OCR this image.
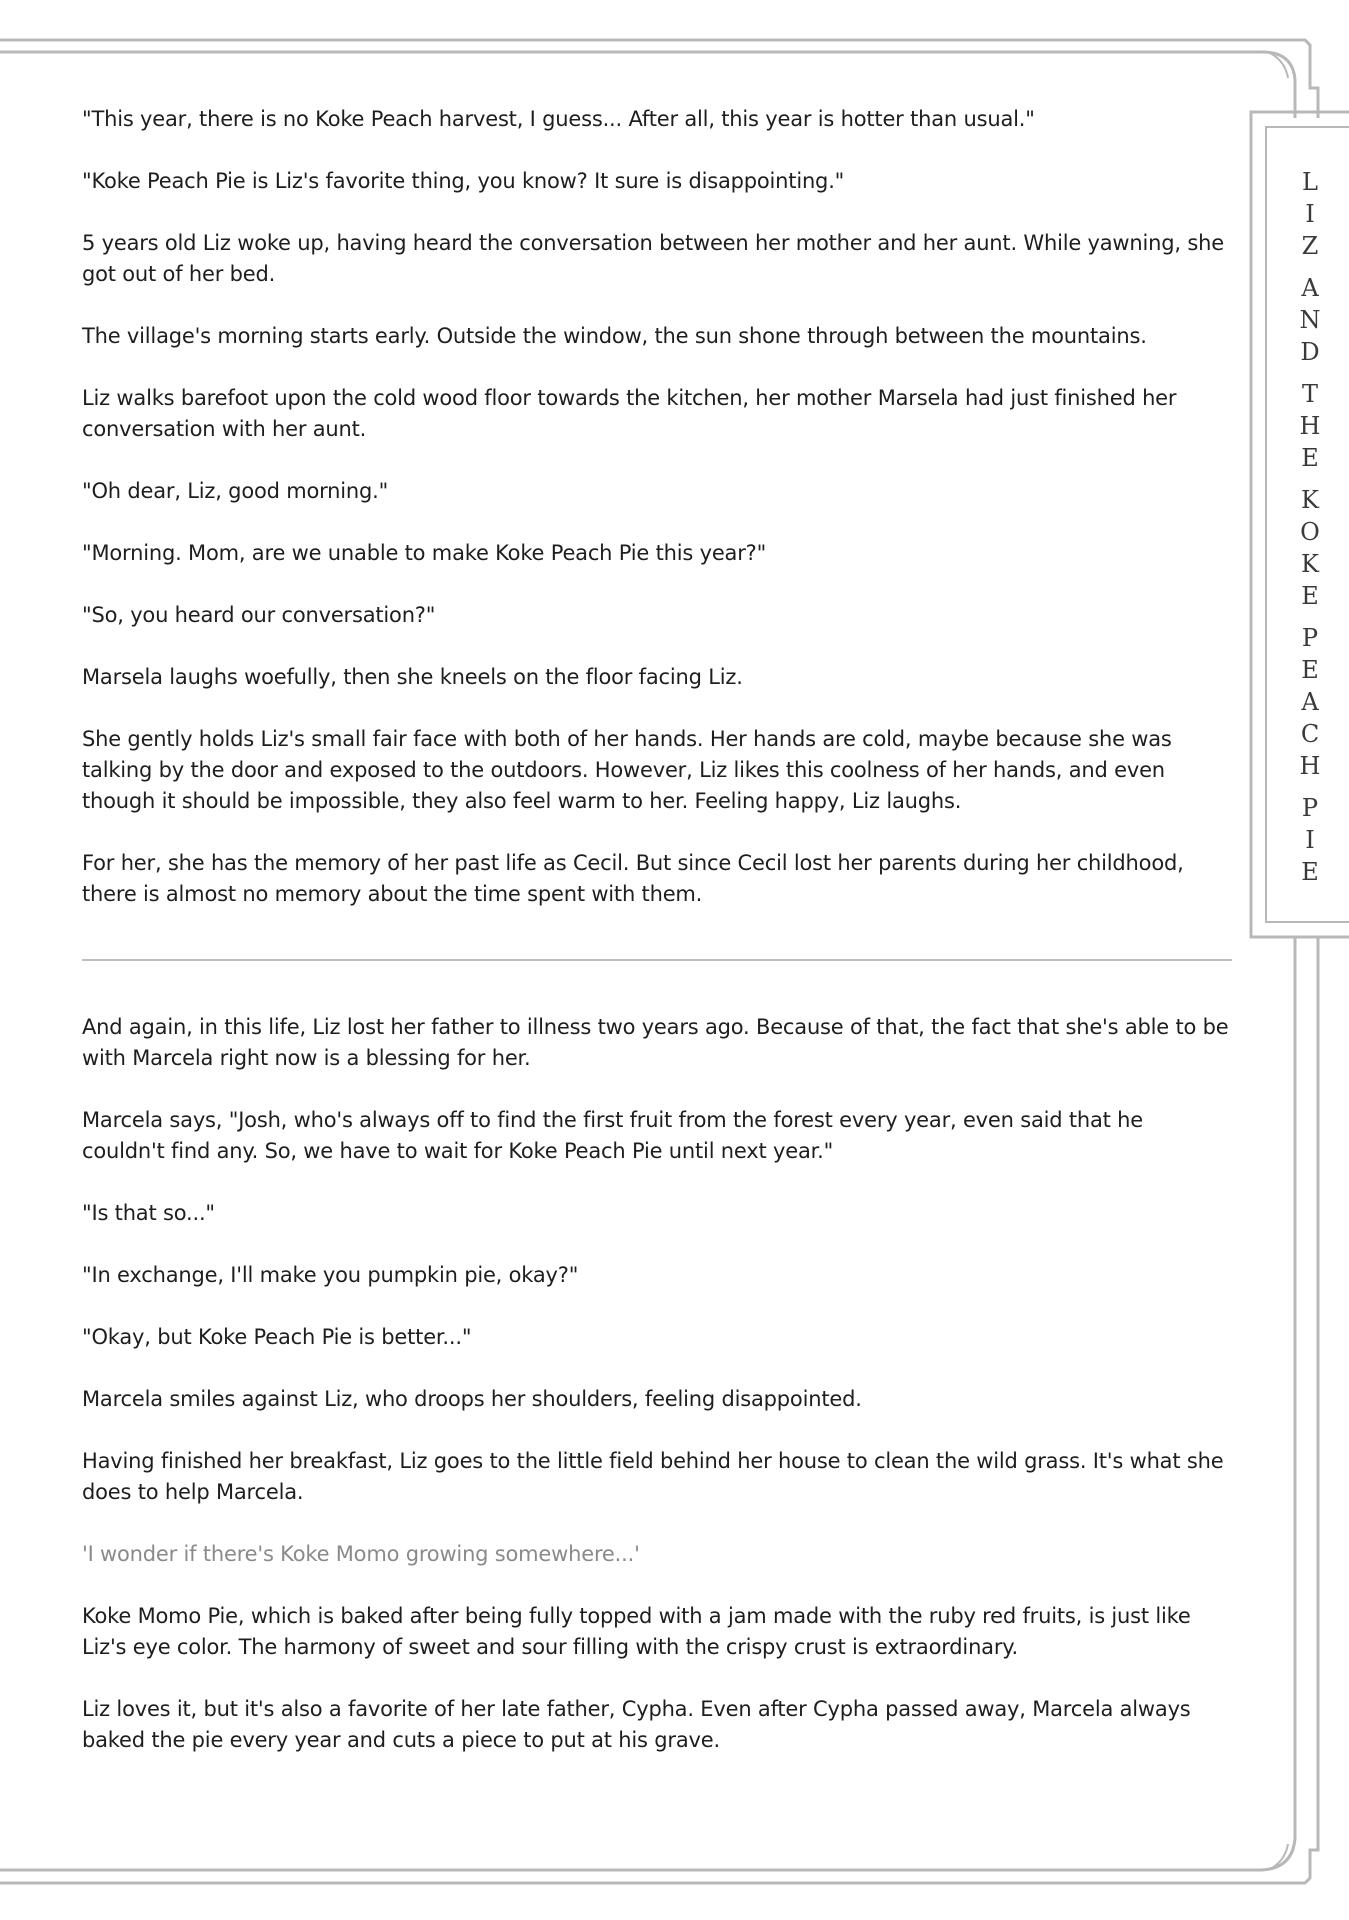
L
I
Z
A
N
D
T
H
E
K
O
K
E
P
E
A
C
H
P
I
E

"This year, there is no Koke Peach harvest, I guess... After all, this year is hotter than usual."

"Koke Peach Pie is Liz's favorite thing, you know? It sure is disappointing."

5 years old Liz woke up, having heard the conversation between her mother and her aunt. While yawning, she got out of her bed.

The village's morning starts early. Outside the window, the sun shone through between the mountains.

Liz walks barefoot upon the cold wood floor towards the kitchen, her mother Marsela had just finished her conversation with her aunt.

"Oh dear, Liz, good morning."

"Morning. Mom, are we unable to make Koke Peach Pie this year?"

"So, you heard our conversation?"

Marsela laughs woefully, then she kneels on the floor facing Liz.

She gently holds Liz's small fair face with both of her hands. Her hands are cold, maybe because she was talking by the door and exposed to the outdoors. However, Liz likes this coolness of her hands, and even though it should be impossible, they also feel warm to her. Feeling happy, Liz laughs.

For her, she has the memory of her past life as Cecil. But since Cecil lost her parents during her childhood, there is almost no memory about the time spent with them.

And again, in this life, Liz lost her father to illness two years ago. Because of that, the fact that she's able to be with Marcela right now is a blessing for her.

Marcela says, "Josh, who's always off to find the first fruit from the forest every year, even said that he couldn't find any. So, we have to wait for Koke Peach Pie until next year."

"Is that so..."

"In exchange, I'll make you pumpkin pie, okay?"

"Okay, but Koke Peach Pie is better..."

Marcela smiles against Liz, who droops her shoulders, feeling disappointed.

Having finished her breakfast, Liz goes to the little field behind her house to clean the wild grass. It's what she does to help Marcela.

'I wonder if there's Koke Momo growing somewhere...'

Koke Momo Pie, which is baked after being fully topped with a jam made with the ruby red fruits, is just like Liz's eye color. The harmony of sweet and sour filling with the crispy crust is extraordinary.

Liz loves it, but it's also a favorite of her late father, Cypha. Even after Cypha passed away, Marcela always baked the pie every year and cuts a piece to put at his grave.
